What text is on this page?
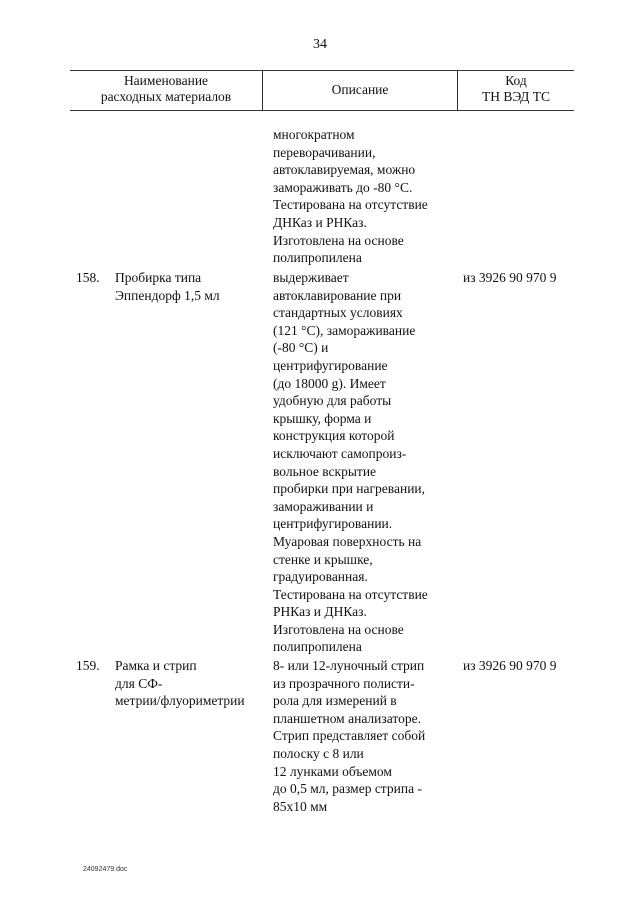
34
Наименование
расходных материалов	Описание
Код
ТН ВЭД ТС
многократном
переворачивании,
автоклавируемая, можно
замораживать до -80 °С.
Тестирована на отсутствие
ДНКаз и РНКаз.
Изготовлена на основе
полипропилена
158. Пробирка типа
Эппендорф 1,5 мл
выдерживает
автоклавирование при
стандартных условиях
(121 °С), замораживание
(-80 °С) и
центрифугирование
(до 18000 g). Имеет
удобную для работы
крышку, форма и
конструкция которой
исключают самопроиз-
вольное вскрытие
пробирки при нагревании,
замораживании и
центрифугировании.
Муаровая поверхность на
стенке и крышке,
градуированная.
Тестирована на отсутствие
РНКаз и ДНКаз.
Изготовлена на основе
полипропилена
из 3926 90 970 9
159. Рамка и стрип
для СФ-
метрии/флуориметрии
8- или 12-луночный стрип
из прозрачного полисти-
рола для измерений в
планшетном анализаторе.
Стрип представляет собой
полоску с 8 или
12 лунками объемом
до 0,5 мл, размер стрипа -
85х10 мм
из 3926 90 970 9
24092479.doc
